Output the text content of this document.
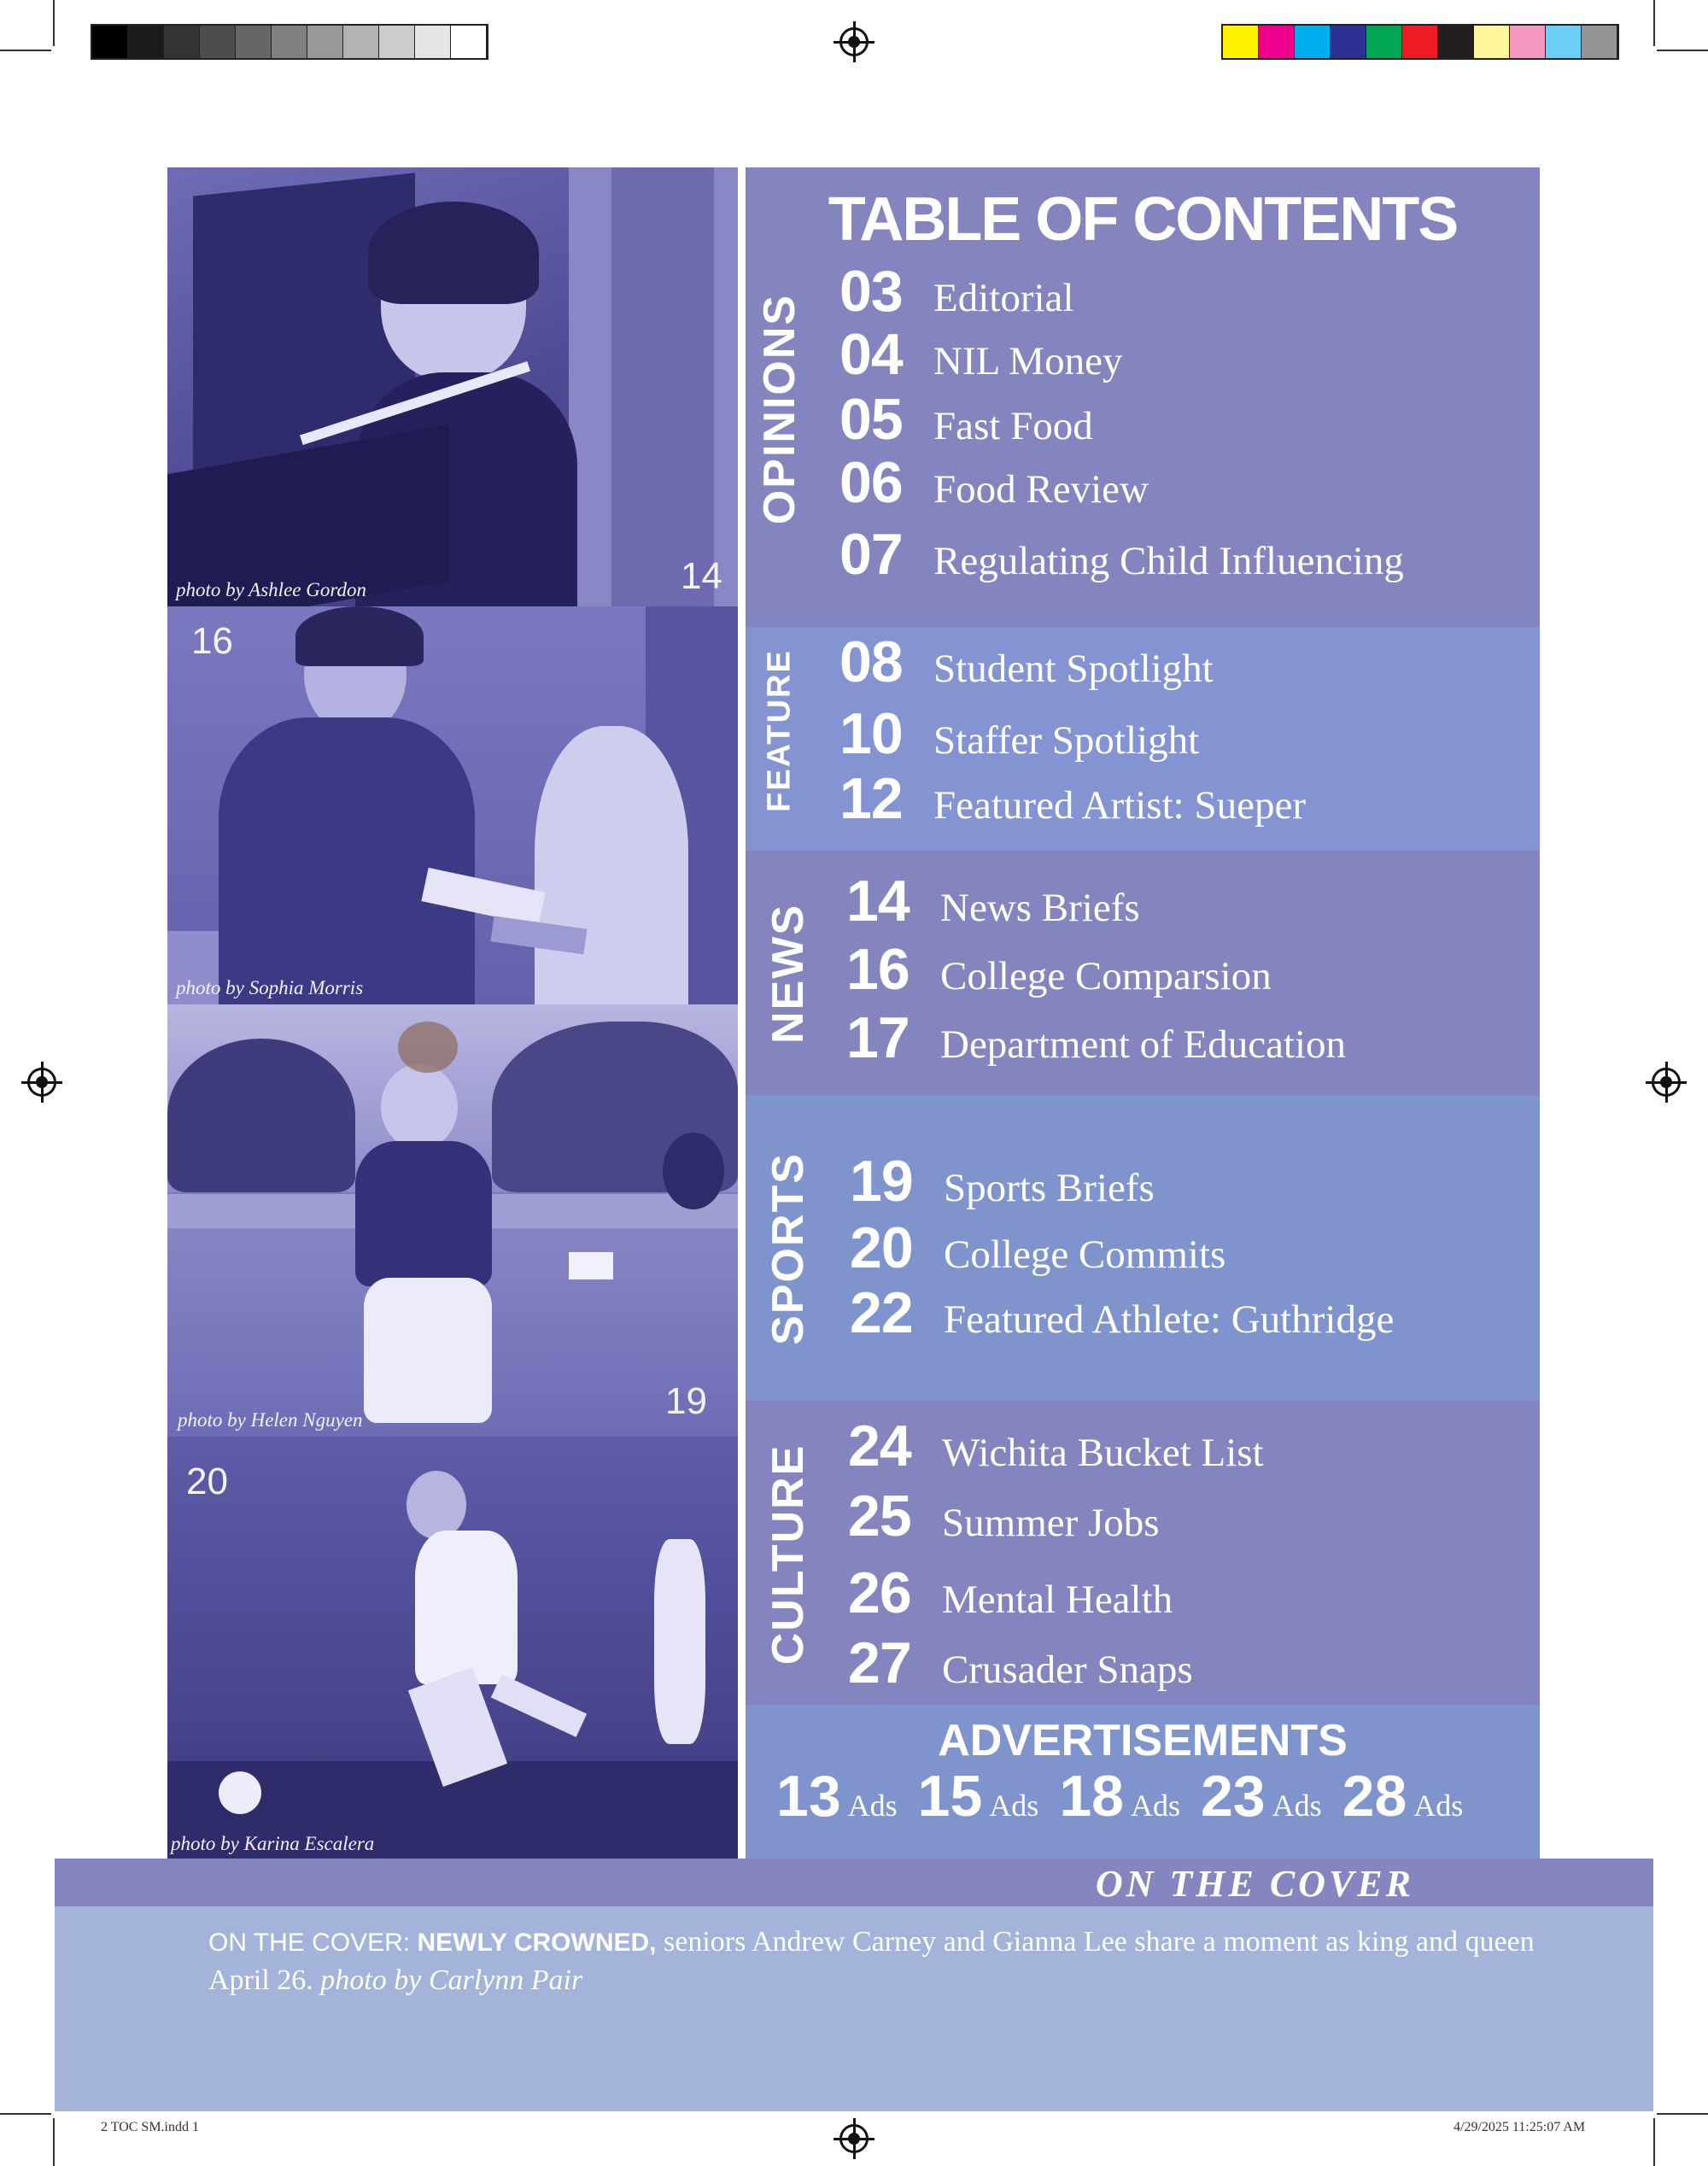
photo by Ashlee Gordon	14
16
photo by Sophia Morris
photo by Helen Nguyen	19
20
photo by Karina Escalera
TABLE OF CONTENTS
OPINIONS
03 Editorial
04 NIL Money
05 Fast Food
06 Food Review
07 Regulating Child Influencing
FEATURE 08 Student Spotlight
10 Staffer Spotlight
12 Featured Artist: Sueper
NEWS
14 News Briefs
16 College Comparsion
17 Department of Education
SPORTS 19 Sports Briefs
20 College Commits
22 Featured Athlete: Guthridge
CULTURE 24 Wichita Bucket List
25 Summer Jobs
26 Mental Health
27 Crusader Snaps
ADVERTISEMENTS
13 Ads 15 Ads 18 Ads 23 Ads 28 Ads
ON THE COVER
ON THE COVER: NEWLY CROWNED, seniors Andrew Carney and Gianna Lee share a moment as king and queen April 26. photo by Carlynn Pair
2 TOC SM.indd 1	4/29/2025 11:25:07 AM
